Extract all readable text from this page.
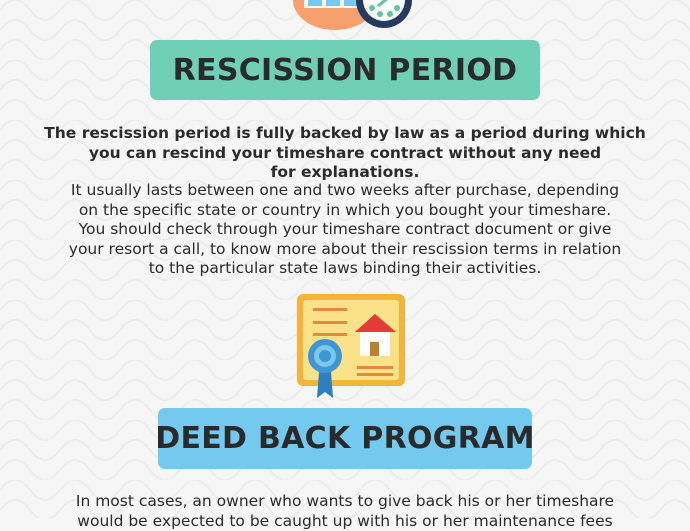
RESCISSION PERIOD
The rescission period is fully backed by law as a period during which
you can rescind your timeshare contract without any need
for explanations.
It usually lasts between one and two weeks after purchase, depending
on the specific state or country in which you bought your timeshare.
You should check through your timeshare contract document or give
your resort a call, to know more about their rescission terms in relation
to the particular state laws binding their activities.
DEED BACK PROGRAM
In most cases, an owner who wants to give back his or her timeshare
would be expected to be caught up with his or her maintenance fees
